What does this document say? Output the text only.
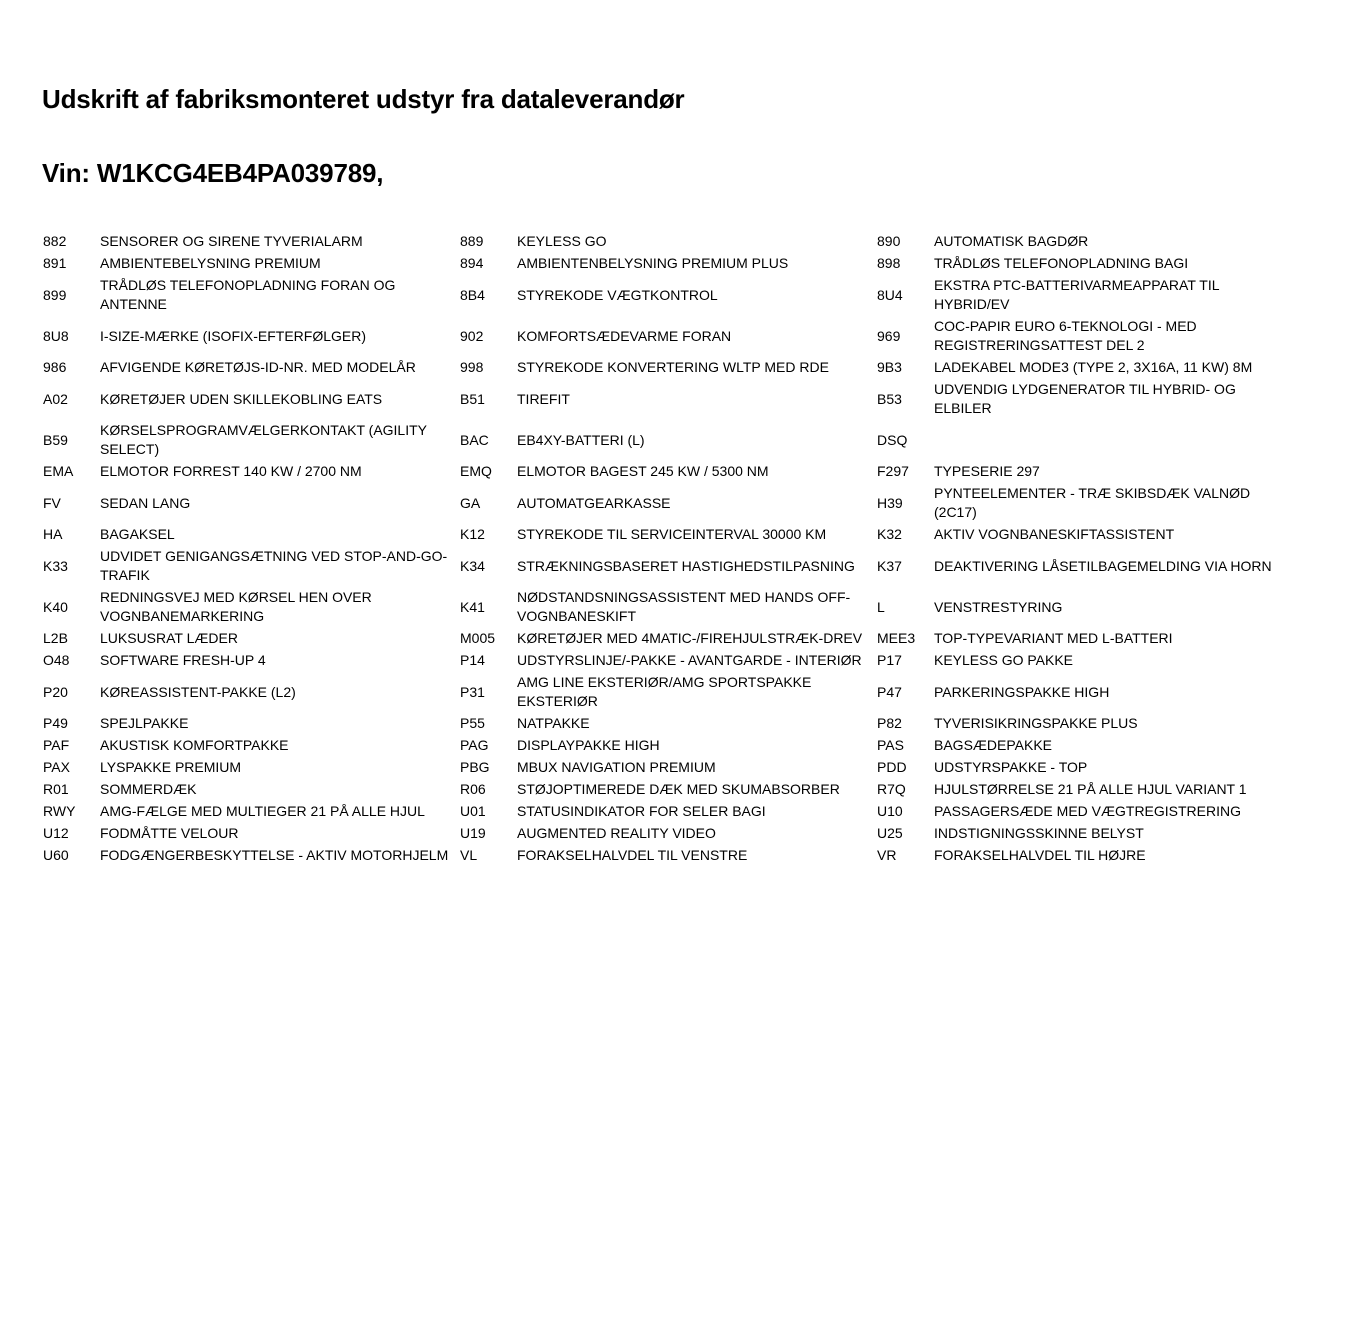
Udskrift af fabriksmonteret udstyr fra dataleverandør
Vin: W1KCG4EB4PA039789,
882	SENSORER OG SIRENE TYVERIALARM	889	KEYLESS GO	890	AUTOMATISK BAGDØR
891	AMBIENTEBELYSNING PREMIUM	894	AMBIENTENBELYSNING PREMIUM PLUS	898	TRÅDLØS TELEFONOPLADNING BAGI
899	TRÅDLØS TELEFONOPLADNING FORAN OG ANTENNE	8B4	STYREKODE VÆGTKONTROL	8U4	EKSTRA PTC-BATTERIVARMEAPPARAT TIL HYBRID/EV
8U8	I-SIZE-MÆRKE (ISOFIX-EFTERFØLGER)	902	KOMFORTSÆDEVARME FORAN	969	COC-PAPIR EURO 6-TEKNOLOGI - MED REGISTRERINGSATTEST DEL 2
986	AFVIGENDE KØRETØJS-ID-NR. MED MODELÅR	998	STYREKODE KONVERTERING WLTP MED RDE	9B3	LADEKABEL MODE3 (TYPE 2, 3X16A, 11 KW) 8M
A02	KØRETØJER UDEN SKILLEKOBLING EATS	B51	TIREFIT	B53	UDVENDIG LYDGENERATOR TIL HYBRID- OG ELBILER
B59	KØRSELSPROGRAMVÆLGERKONTAKT (AGILITY SELECT)	BAC	EB4XY-BATTERI (L)	DSQ	
EMA	ELMOTOR FORREST 140 KW / 2700 NM	EMQ	ELMOTOR BAGEST 245 KW / 5300 NM	F297	TYPESERIE 297
FV	SEDAN LANG	GA	AUTOMATGEARKASSE	H39	PYNTEELEMENTER - TRÆ SKIBSDÆK VALNØD (2C17)
HA	BAGAKSEL	K12	STYREKODE TIL SERVICEINTERVAL 30000 KM	K32	AKTIV VOGNBANESKIFTASSISTENT
K33	UDVIDET GENIGANGSÆTNING VED STOP-AND-GO-TRAFIK	K34	STRÆKNINGSBASERET HASTIGHEDSTILPASNING	K37	DEAKTIVERING LÅSETILBAGEMELDING VIA HORN
K40	REDNINGSVEJ MED KØRSEL HEN OVER VOGNBANEMARKERING	K41	NØDSTANDSNINGSASSISTENT MED HANDS OFF-VOGNBANESKIFT	L	VENSTRESTYRING
L2B	LUKSUSRAT LÆDER	M005	KØRETØJER MED 4MATIC-/FIREHJULSTRÆK-DREV	MEE3	TOP-TYPEVARIANT MED L-BATTERI
O48	SOFTWARE FRESH-UP 4	P14	UDSTYRSLINJE/-PAKKE - AVANTGARDE - INTERIØR	P17	KEYLESS GO PAKKE
P20	KØREASSISTENT-PAKKE (L2)	P31	AMG LINE EKSTERIØR/AMG SPORTSPAKKE EKSTERIØR	P47	PARKERINGSPAKKE HIGH
P49	SPEJLPAKKE	P55	NATPAKKE	P82	TYVERISIKRINGSPAKKE PLUS
PAF	AKUSTISK KOMFORTPAKKE	PAG	DISPLAYPAKKE HIGH	PAS	BAGSÆDEPAKKE
PAX	LYSPAKKE PREMIUM	PBG	MBUX NAVIGATION PREMIUM	PDD	UDSTYRSPAKKE - TOP
R01	SOMMERDÆK	R06	STØJOPTIMEREDE DÆK MED SKUMABSORBER	R7Q	HJULSTØRRELSE 21 PÅ ALLE HJUL VARIANT 1
RWY	AMG-FÆLGE MED MULTIEGER 21 PÅ ALLE HJUL	U01	STATUSINDIKATOR FOR SELER BAGI	U10	PASSAGERSÆDE MED VÆGTREGISTRERING
U12	FODMÅTTE VELOUR	U19	AUGMENTED REALITY VIDEO	U25	INDSTIGNINGSSKINNE BELYST
U60	FODGÆNGERBESKYTTELSE - AKTIV MOTORHJELM	VL	FORAKSELHALVDEL TIL VENSTRE	VR	FORAKSELHALVDEL TIL HØJRE
